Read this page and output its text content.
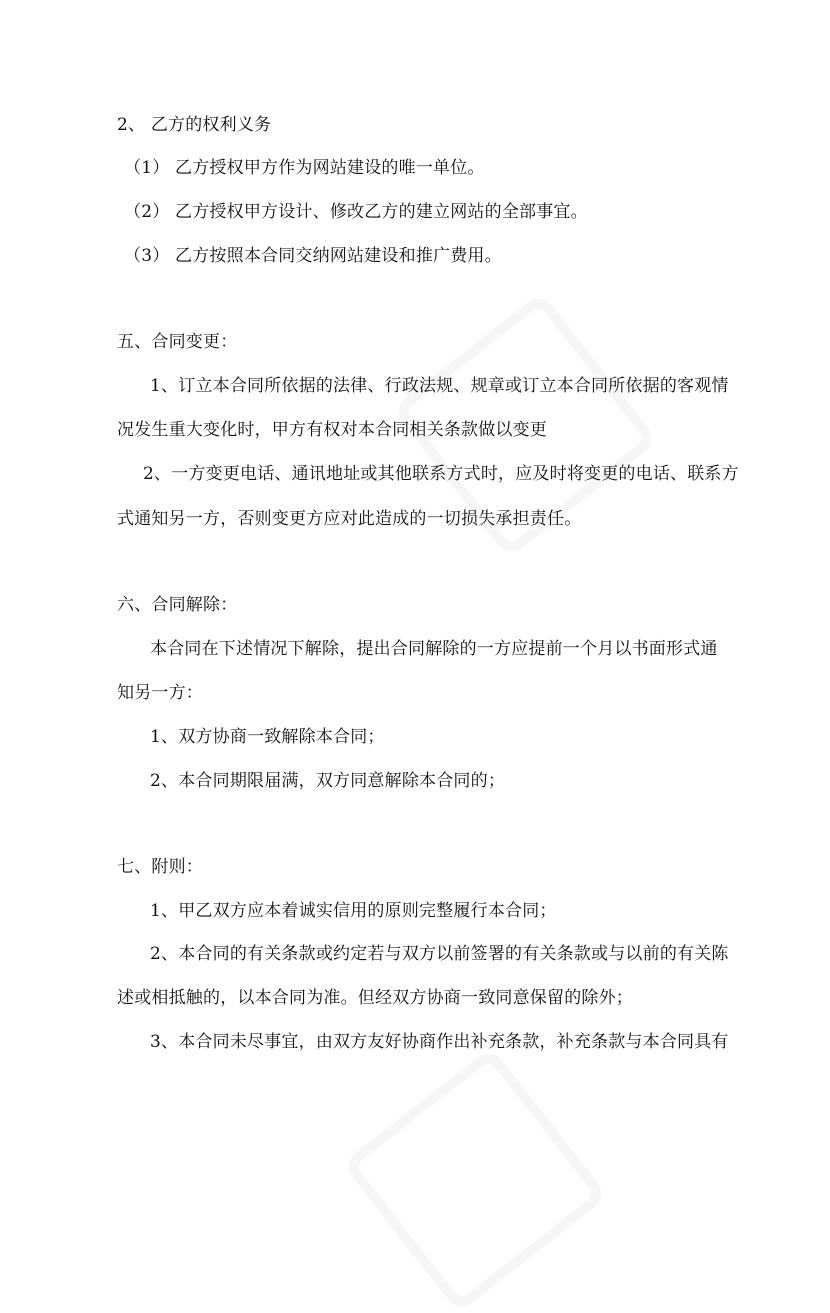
2、 乙方的权利义务
（1） 乙方授权甲方作为网站建设的唯一单位。
（2） 乙方授权甲方设计、修改乙方的建立网站的全部事宜。
（3） 乙方按照本合同交纳网站建设和推广费用。
五、合同变更：
1、订立本合同所依据的法律、行政法规、规章或订立本合同所依据的客观情
况发生重大变化时，甲方有权对本合同相关条款做以变更
2、一方变更电话、通讯地址或其他联系方式时，应及时将变更的电话、联系方
式通知另一方，否则变更方应对此造成的一切损失承担责任。
六、合同解除：
本合同在下述情况下解除，提出合同解除的一方应提前一个月以书面形式通
知另一方：
1、双方协商一致解除本合同；
2、本合同期限届满，双方同意解除本合同的；
七、附则：
1、甲乙双方应本着诚实信用的原则完整履行本合同；
2、本合同的有关条款或约定若与双方以前签署的有关条款或与以前的有关陈
述或相抵触的，以本合同为准。但经双方协商一致同意保留的除外；
3、本合同未尽事宜，由双方友好协商作出补充条款，补充条款与本合同具有
